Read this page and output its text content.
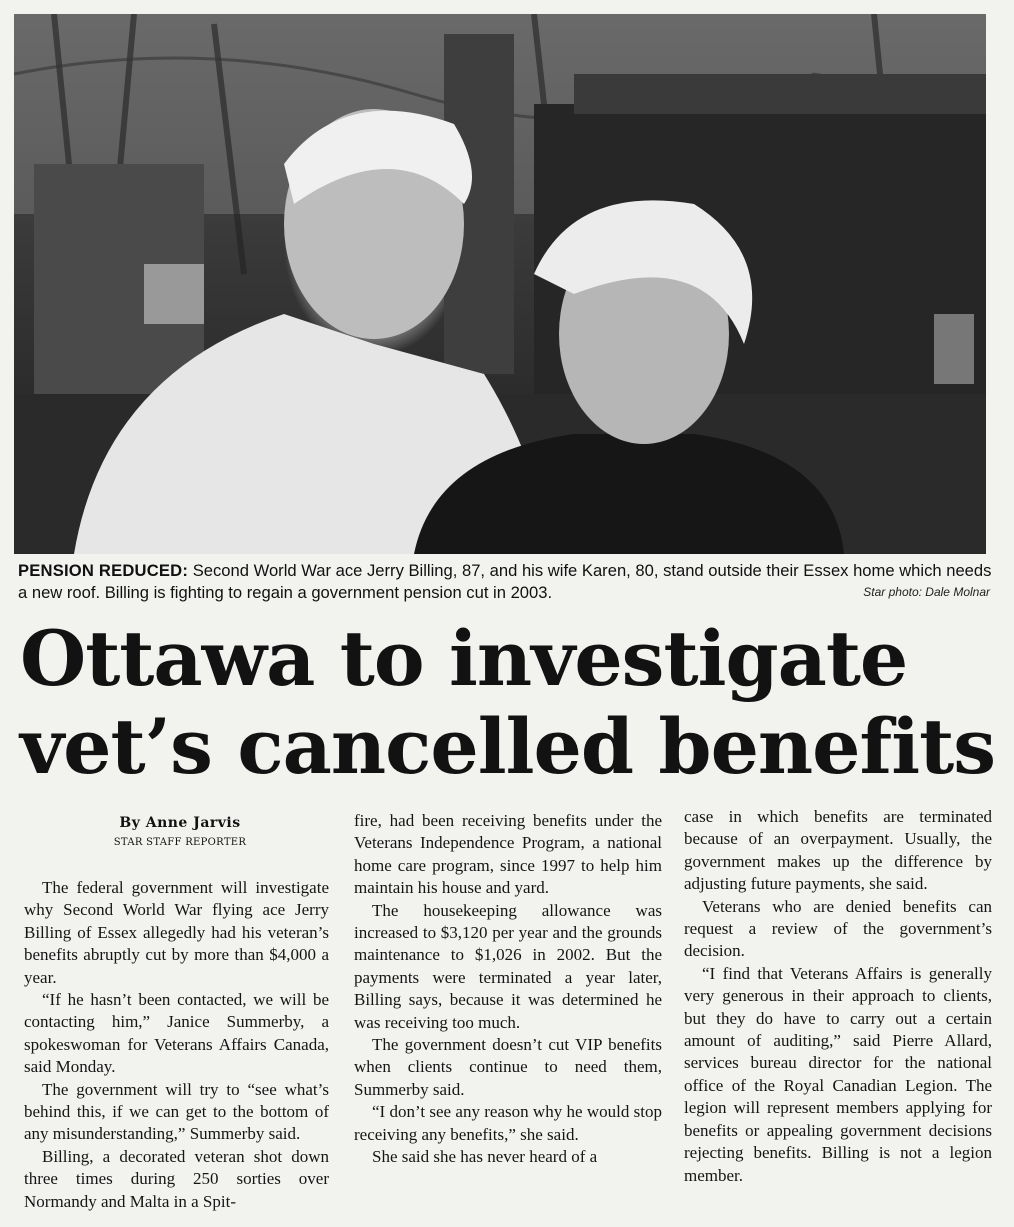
PENSION REDUCED: Second World War ace Jerry Billing, 87, and his wife Karen, 80, stand outside their Essex home which needs a new roof. Billing is fighting to regain a government pension cut in 2003.	Star photo: Dale Molnar
Ottawa to investigate
vet’s cancelled benefits
By Anne Jarvis
STAR STAFF REPORTER

The federal government will investigate why Second World War flying ace Jerry Billing of Essex allegedly had his veteran’s benefits abruptly cut by more than $4,000 a year.

“If he hasn’t been contacted, we will be contacting him,” Janice Summerby, a spokeswoman for Veterans Affairs Canada, said Monday.

The government will try to “see what’s behind this, if we can get to the bottom of any misunderstanding,” Summerby said.

Billing, a decorated veteran shot down three times during 250 sorties over Normandy and Malta in a Spit-

fire, had been receiving benefits under the Veterans Independence Program, a national home care program, since 1997 to help him maintain his house and yard.

The housekeeping allowance was increased to $3,120 per year and the grounds maintenance to $1,026 in 2002. But the payments were terminated a year later, Billing says, because it was determined he was receiving too much.

The government doesn’t cut VIP benefits when clients continue to need them, Summerby said.

“I don’t see any reason why he would stop receiving any benefits,” she said.

She said she has never heard of a

case in which benefits are terminated because of an overpayment. Usually, the government makes up the difference by adjusting future payments, she said.

Veterans who are denied benefits can request a review of the government’s decision.

“I find that Veterans Affairs is generally very generous in their approach to clients, but they do have to carry out a certain amount of auditing,” said Pierre Allard, services bureau director for the national office of the Royal Canadian Legion. The legion will represent members applying for benefits or appealing government decisions rejecting benefits. Billing is not a legion member.
